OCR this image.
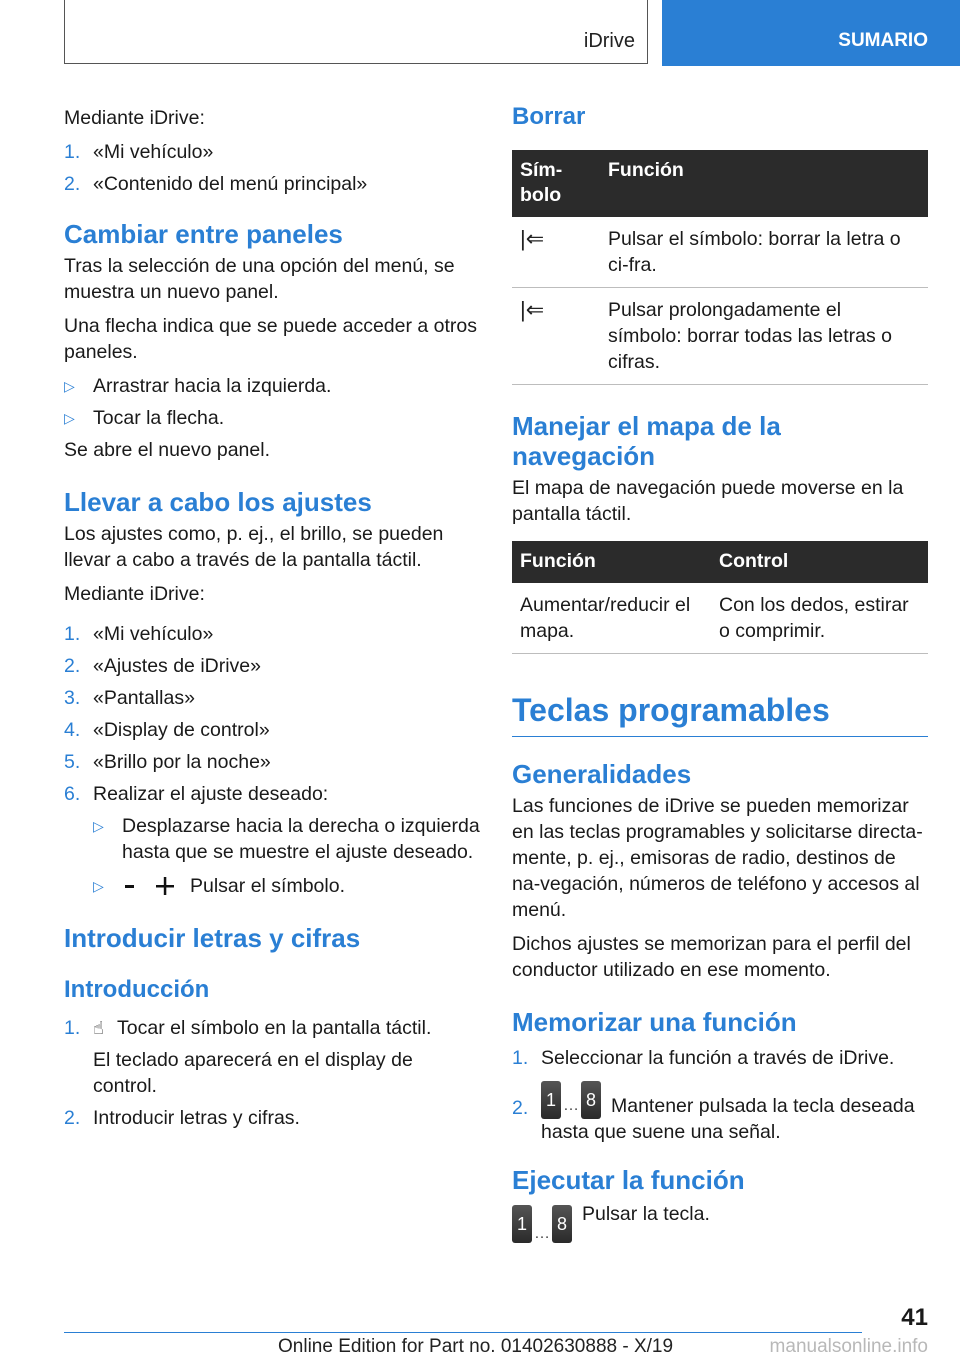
iDrive	SUMARIO

Mediante iDrive:

1. «Mi vehículo»
2. «Contenido del menú principal»
Cambiar entre paneles

Tras la selección de una opción del menú, se muestra un nuevo panel.

Una flecha indica que se puede acceder a otros paneles.

▷ Arrastrar hacia la izquierda.
▷ Tocar la flecha.

Se abre el nuevo panel.

Llevar a cabo los ajustes

Los ajustes como, p. ej., el brillo, se pueden llevar a cabo a través de la pantalla táctil.

Mediante iDrive:

1. «Mi vehículo»
2. «Ajustes de iDrive»
3. «Pantallas»
4. «Display de control»
5. «Brillo por la noche»
6. Realizar el ajuste deseado:
▷ Desplazarse hacia la derecha o izquierda hasta que se muestre el ajuste deseado.
▷	Pulsar el símbolo.
Introducir letras y cifras
Introducción
1. ☝ Tocar el símbolo en la pantalla táctil.
El teclado aparecerá en el display de control.
2. Introducir letras y cifras.
Borrar
Sím-bolo	Función
|⇐	Pulsar el símbolo: borrar la letra o ci-fra.
|⇐	Pulsar prolongadamente el símbolo: borrar todas las letras o cifras.
Manejar el mapa de la navegación

El mapa de navegación puede moverse en la pantalla táctil.

Función	Control
Aumentar/reducir el mapa.	Con los dedos, estirar o comprimir.
Teclas programables
Generalidades

Las funciones de iDrive se pueden memorizar en las teclas programables y solicitarse directa-mente, p. ej., emisoras de radio, destinos de na-vegación, números de teléfono y accesos al menú.

Dichos ajustes se memorizan para el perfil del conductor utilizado en ese momento.

Memorizar una función
1. Seleccionar la función a través de iDrive.
2. 1 … 8 Mantener pulsada la tecla deseada hasta que suene una señal.
Ejecutar la función
1 … 8 Pulsar la tecla.

41
Online Edition for Part no. 01402630888 - X/19	manualsonline.info
